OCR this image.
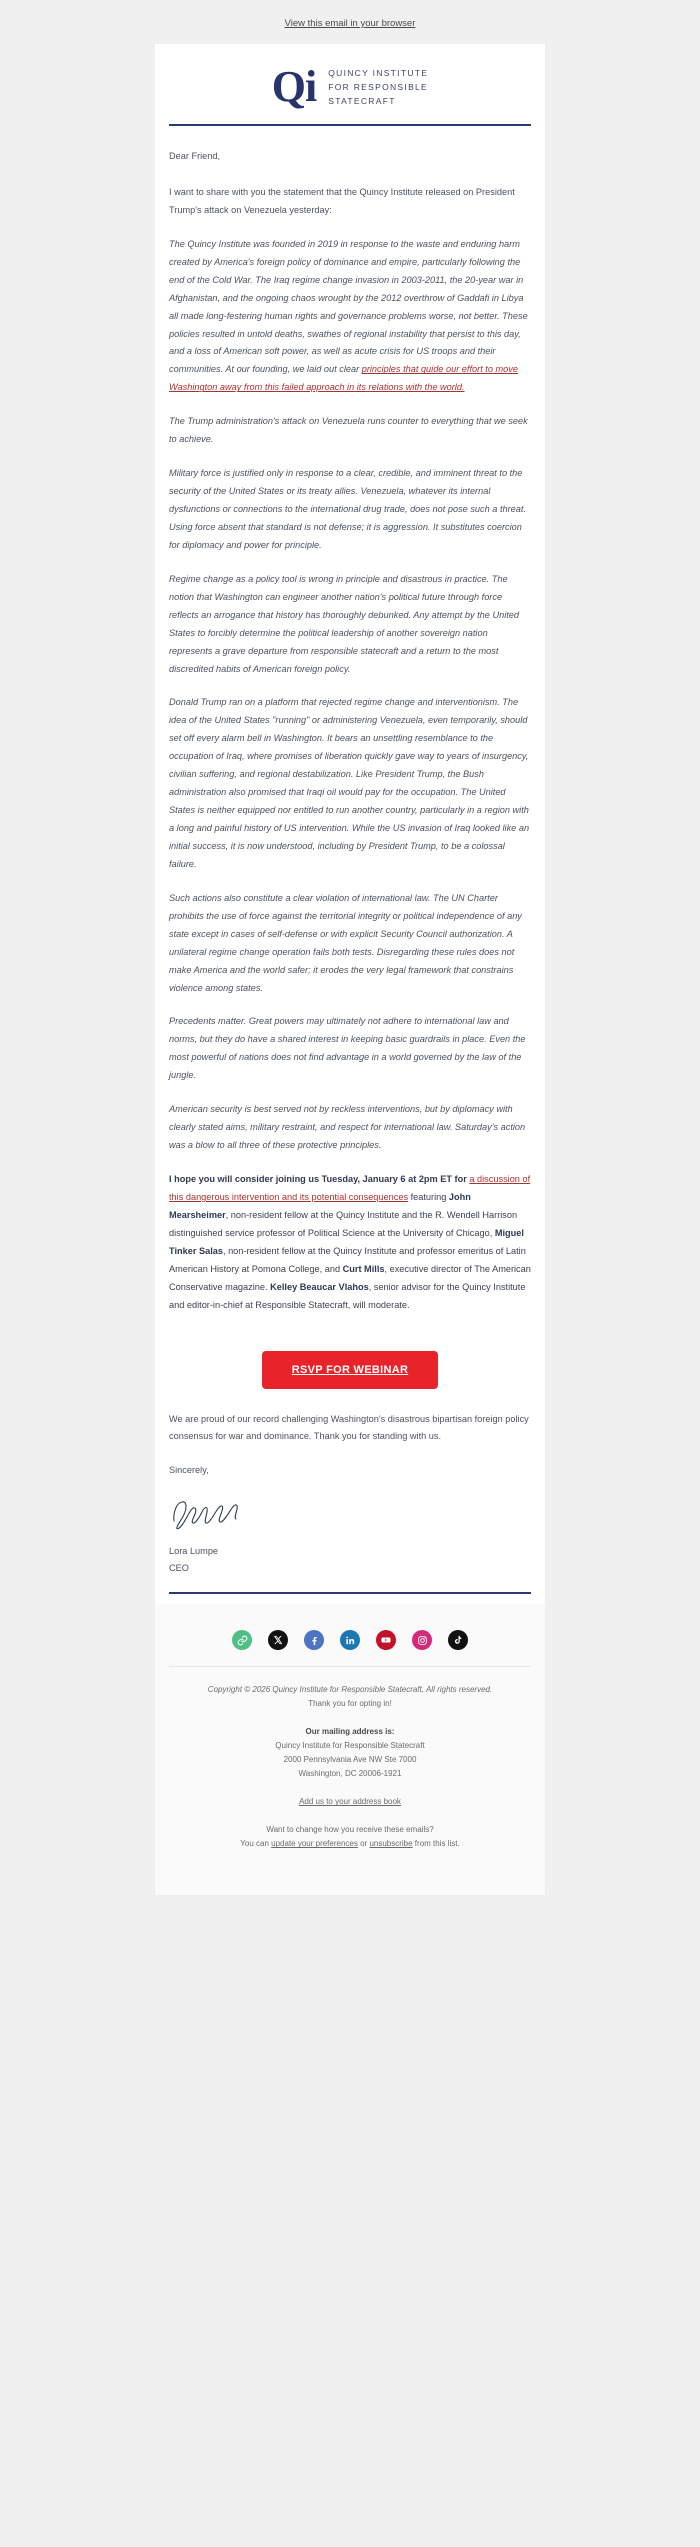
View this email in your browser
Qi QUINCY INSTITUTE
FOR RESPONSIBLE
STATECRAFT

Dear Friend,

I want to share with you the statement that the Quincy Institute released on President Trump's attack on Venezuela yesterday:

The Quincy Institute was founded in 2019 in response to the waste and enduring harm created by America's foreign policy of dominance and empire, particularly following the end of the Cold War. The Iraq regime change invasion in 2003-2011, the 20-year war in Afghanistan, and the ongoing chaos wrought by the 2012 overthrow of Gaddafi in Libya all made long-festering human rights and governance problems worse, not better. These policies resulted in untold deaths, swathes of regional instability that persist to this day, and a loss of American soft power, as well as acute crisis for US troops and their communities. At our founding, we laid out clear principles that guide our effort to move Washington away from this failed approach in its relations with the world.

The Trump administration's attack on Venezuela runs counter to everything that we seek to achieve.

Military force is justified only in response to a clear, credible, and imminent threat to the security of the United States or its treaty allies. Venezuela, whatever its internal dysfunctions or connections to the international drug trade, does not pose such a threat. Using force absent that standard is not defense; it is aggression. It substitutes coercion for diplomacy and power for principle.

Regime change as a policy tool is wrong in principle and disastrous in practice. The notion that Washington can engineer another nation's political future through force reflects an arrogance that history has thoroughly debunked. Any attempt by the United States to forcibly determine the political leadership of another sovereign nation represents a grave departure from responsible statecraft and a return to the most discredited habits of American foreign policy.

Donald Trump ran on a platform that rejected regime change and interventionism. The idea of the United States "running" or administering Venezuela, even temporarily, should set off every alarm bell in Washington. It bears an unsettling resemblance to the occupation of Iraq, where promises of liberation quickly gave way to years of insurgency, civilian suffering, and regional destabilization. Like President Trump, the Bush administration also promised that Iraqi oil would pay for the occupation. The United States is neither equipped nor entitled to run another country, particularly in a region with a long and painful history of US intervention. While the US invasion of Iraq looked like an initial success, it is now understood, including by President Trump, to be a colossal failure.

Such actions also constitute a clear violation of international law. The UN Charter prohibits the use of force against the territorial integrity or political independence of any state except in cases of self-defense or with explicit Security Council authorization. A unilateral regime change operation fails both tests. Disregarding these rules does not make America and the world safer; it erodes the very legal framework that constrains violence among states.

Precedents matter. Great powers may ultimately not adhere to international law and norms, but they do have a shared interest in keeping basic guardrails in place. Even the most powerful of nations does not find advantage in a world governed by the law of the jungle.

American security is best served not by reckless interventions, but by diplomacy with clearly stated aims, military restraint, and respect for international law. Saturday's action was a blow to all three of these protective principles.

I hope you will consider joining us Tuesday, January 6 at 2pm ET for a discussion of this dangerous intervention and its potential consequences featuring John Mearsheimer, non-resident fellow at the Quincy Institute and the R. Wendell Harrison distinguished service professor of Political Science at the University of Chicago, Miguel Tinker Salas, non-resident fellow at the Quincy Institute and professor emeritus of Latin American History at Pomona College, and Curt Mills, executive director of The American Conservative magazine. Kelley Beaucar Vlahos, senior advisor for the Quincy Institute and editor-in-chief at Responsible Statecraft, will moderate.

RSVP FOR WEBINAR

We are proud of our record challenging Washington's disastrous bipartisan foreign policy consensus for war and dominance. Thank you for standing with us.

Sincerely,

Lora Lumpe
CEO
Copyright © 2026 Quincy Institute for Responsible Statecraft, All rights reserved.
Thank you for opting in!
Our mailing address is:
Quincy Institute for Responsible Statecraft
2000 Pennsylvania Ave NW Ste 7000
Washington, DC 20006-1921
Add us to your address book
Want to change how you receive these emails?
You can update your preferences or unsubscribe from this list.
